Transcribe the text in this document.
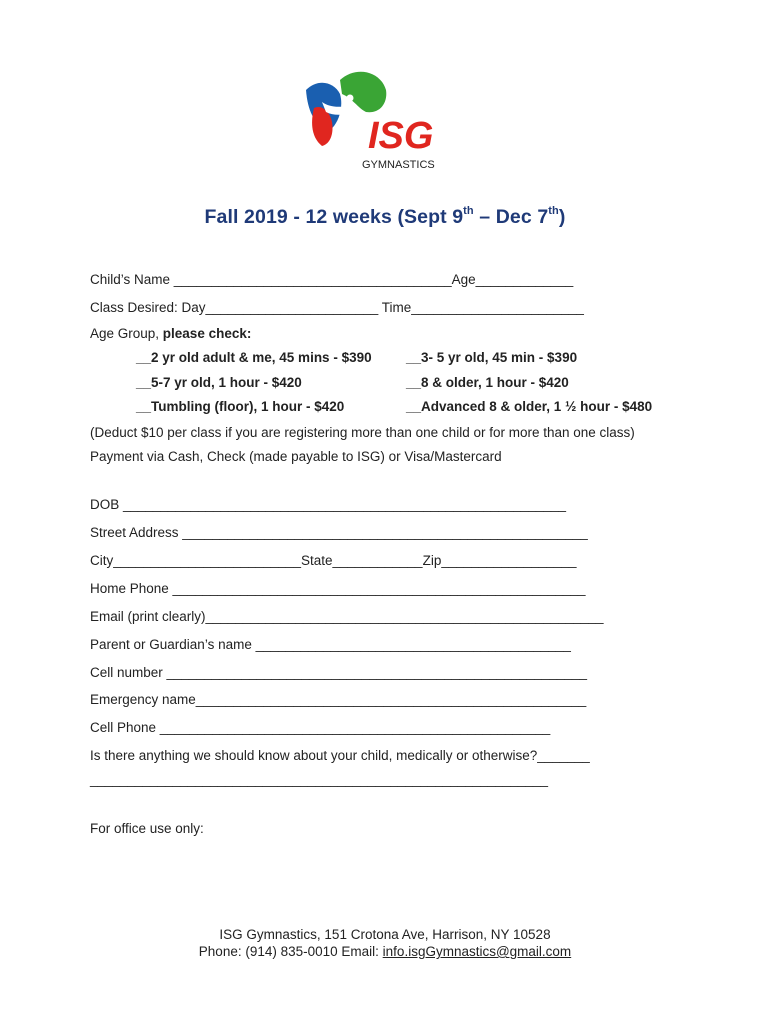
ISG
GYMNASTICS
Fall 2019 - 12 weeks (Sept 9th – Dec 7th)
Child’s Name _____________________________________Age_____________
Class Desired: Day_______________________ Time_______________________
Age Group, please check:
__2 yr old adult & me, 45 mins - $390	__3- 5 yr old, 45 min - $390
__5-7 yr old, 1 hour - $420	__8 & older, 1 hour - $420
__Tumbling (floor), 1 hour - $420	__Advanced 8 & older, 1 ½ hour - $480
(Deduct $10 per class if you are registering more than one child or for more than one class)
Payment via Cash, Check (made payable to ISG) or Visa/Mastercard
DOB ___________________________________________________________
Street Address ______________________________________________________
City_________________________State____________Zip__________________
Home Phone _______________________________________________________
Email (print clearly)_____________________________________________________
Parent or Guardian’s name __________________________________________
Cell number ________________________________________________________
Emergency name____________________________________________________
Cell Phone ____________________________________________________
Is there anything we should know about your child, medically or otherwise?_______
_____________________________________________________________
For office use only:
ISG Gymnastics, 151 Crotona Ave, Harrison, NY 10528
Phone: (914) 835-0010 Email: info.isgGymnastics@gmail.com
